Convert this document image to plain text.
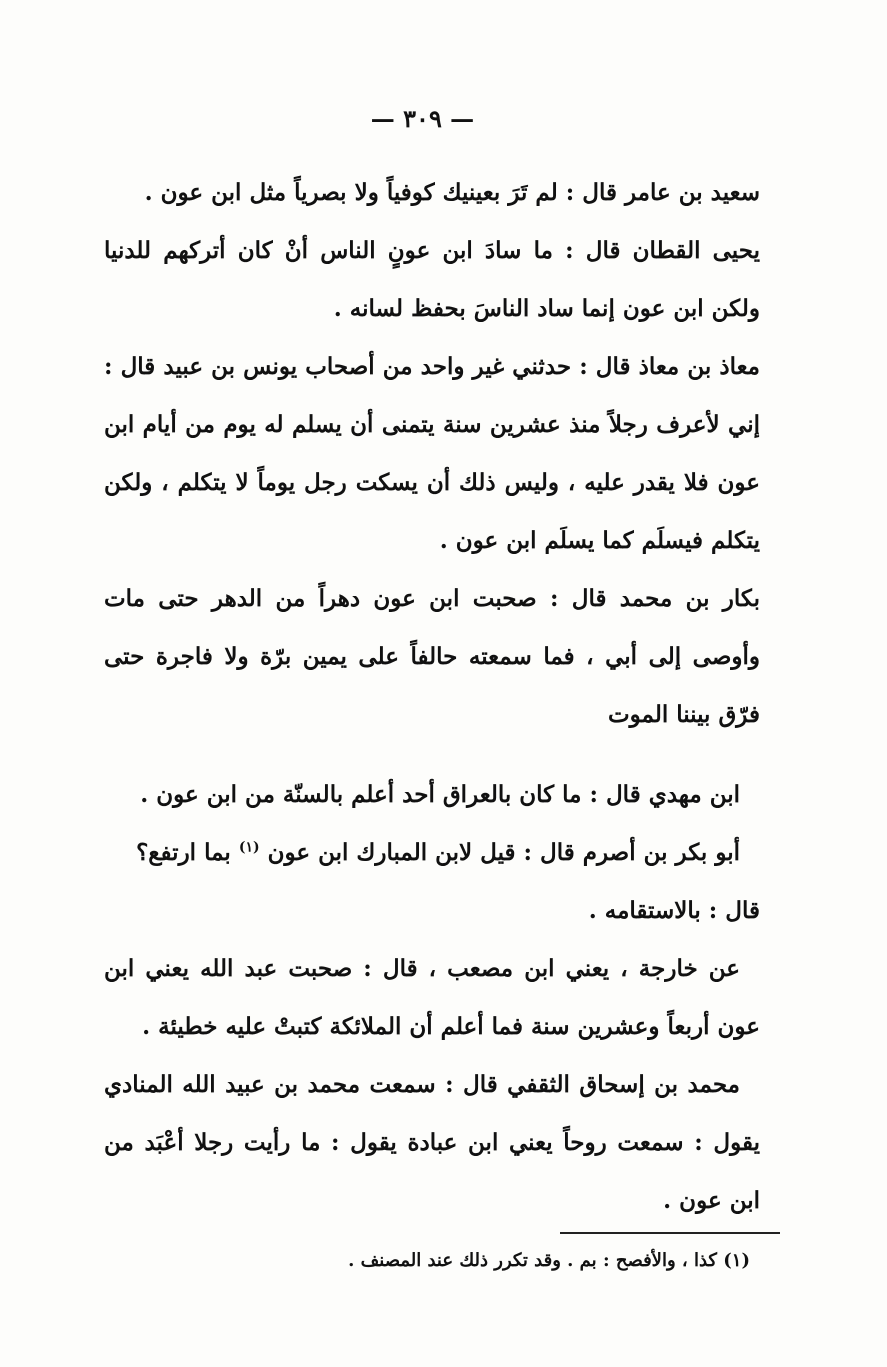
— ٣٠٩ —
سعيد بن عامر قال : لم تَرَ بعينيك كوفياً ولا بصرياً مثل ابن عون .
يحيى القطان قال : ما سادَ ابن عونٍ الناس أنْ كان أتركهم للدنيا ولكن ابن عون إنما ساد الناسَ بحفظ لسانه .
معاذ بن معاذ قال : حدثني غير واحد من أصحاب يونس بن عبيد قال : إني لأعرف رجلاً منذ عشرين سنة يتمنى أن يسلم له يوم من أيام ابن عون فلا يقدر عليه ، وليس ذلك أن يسكت رجل يوماً لا يتكلم ، ولكن يتكلم فيسلَم كما يسلَم ابن عون .
بكار بن محمد قال : صحبت ابن عون دهراً من الدهر حتى مات وأوصى إلى أبي ، فما سمعته حالفاً على يمين برّة ولا فاجرة حتى فرّق بيننا الموت
ابن مهدي قال : ما كان بالعراق أحد أعلم بالسنّة من ابن عون .
أبو بكر بن أصرم قال : قيل لابن المبارك ابن عون $^{(١)}$ بما ارتفع؟
قال : بالاستقامه .
عن خارجة ، يعني ابن مصعب ، قال : صحبت عبد الله يعني ابن عون أربعاً وعشرين سنة فما أعلم أن الملائكة كتبتْ عليه خطيئة .
محمد بن إسحاق الثقفي قال : سمعت محمد بن عبيد الله المنادي يقول : سمعت روحاً يعني ابن عبادة يقول : ما رأيت رجلا أعْبَد من ابن عون .
(١) كذا ، والأفصح : بم . وقد تكرر ذلك عند المصنف .
